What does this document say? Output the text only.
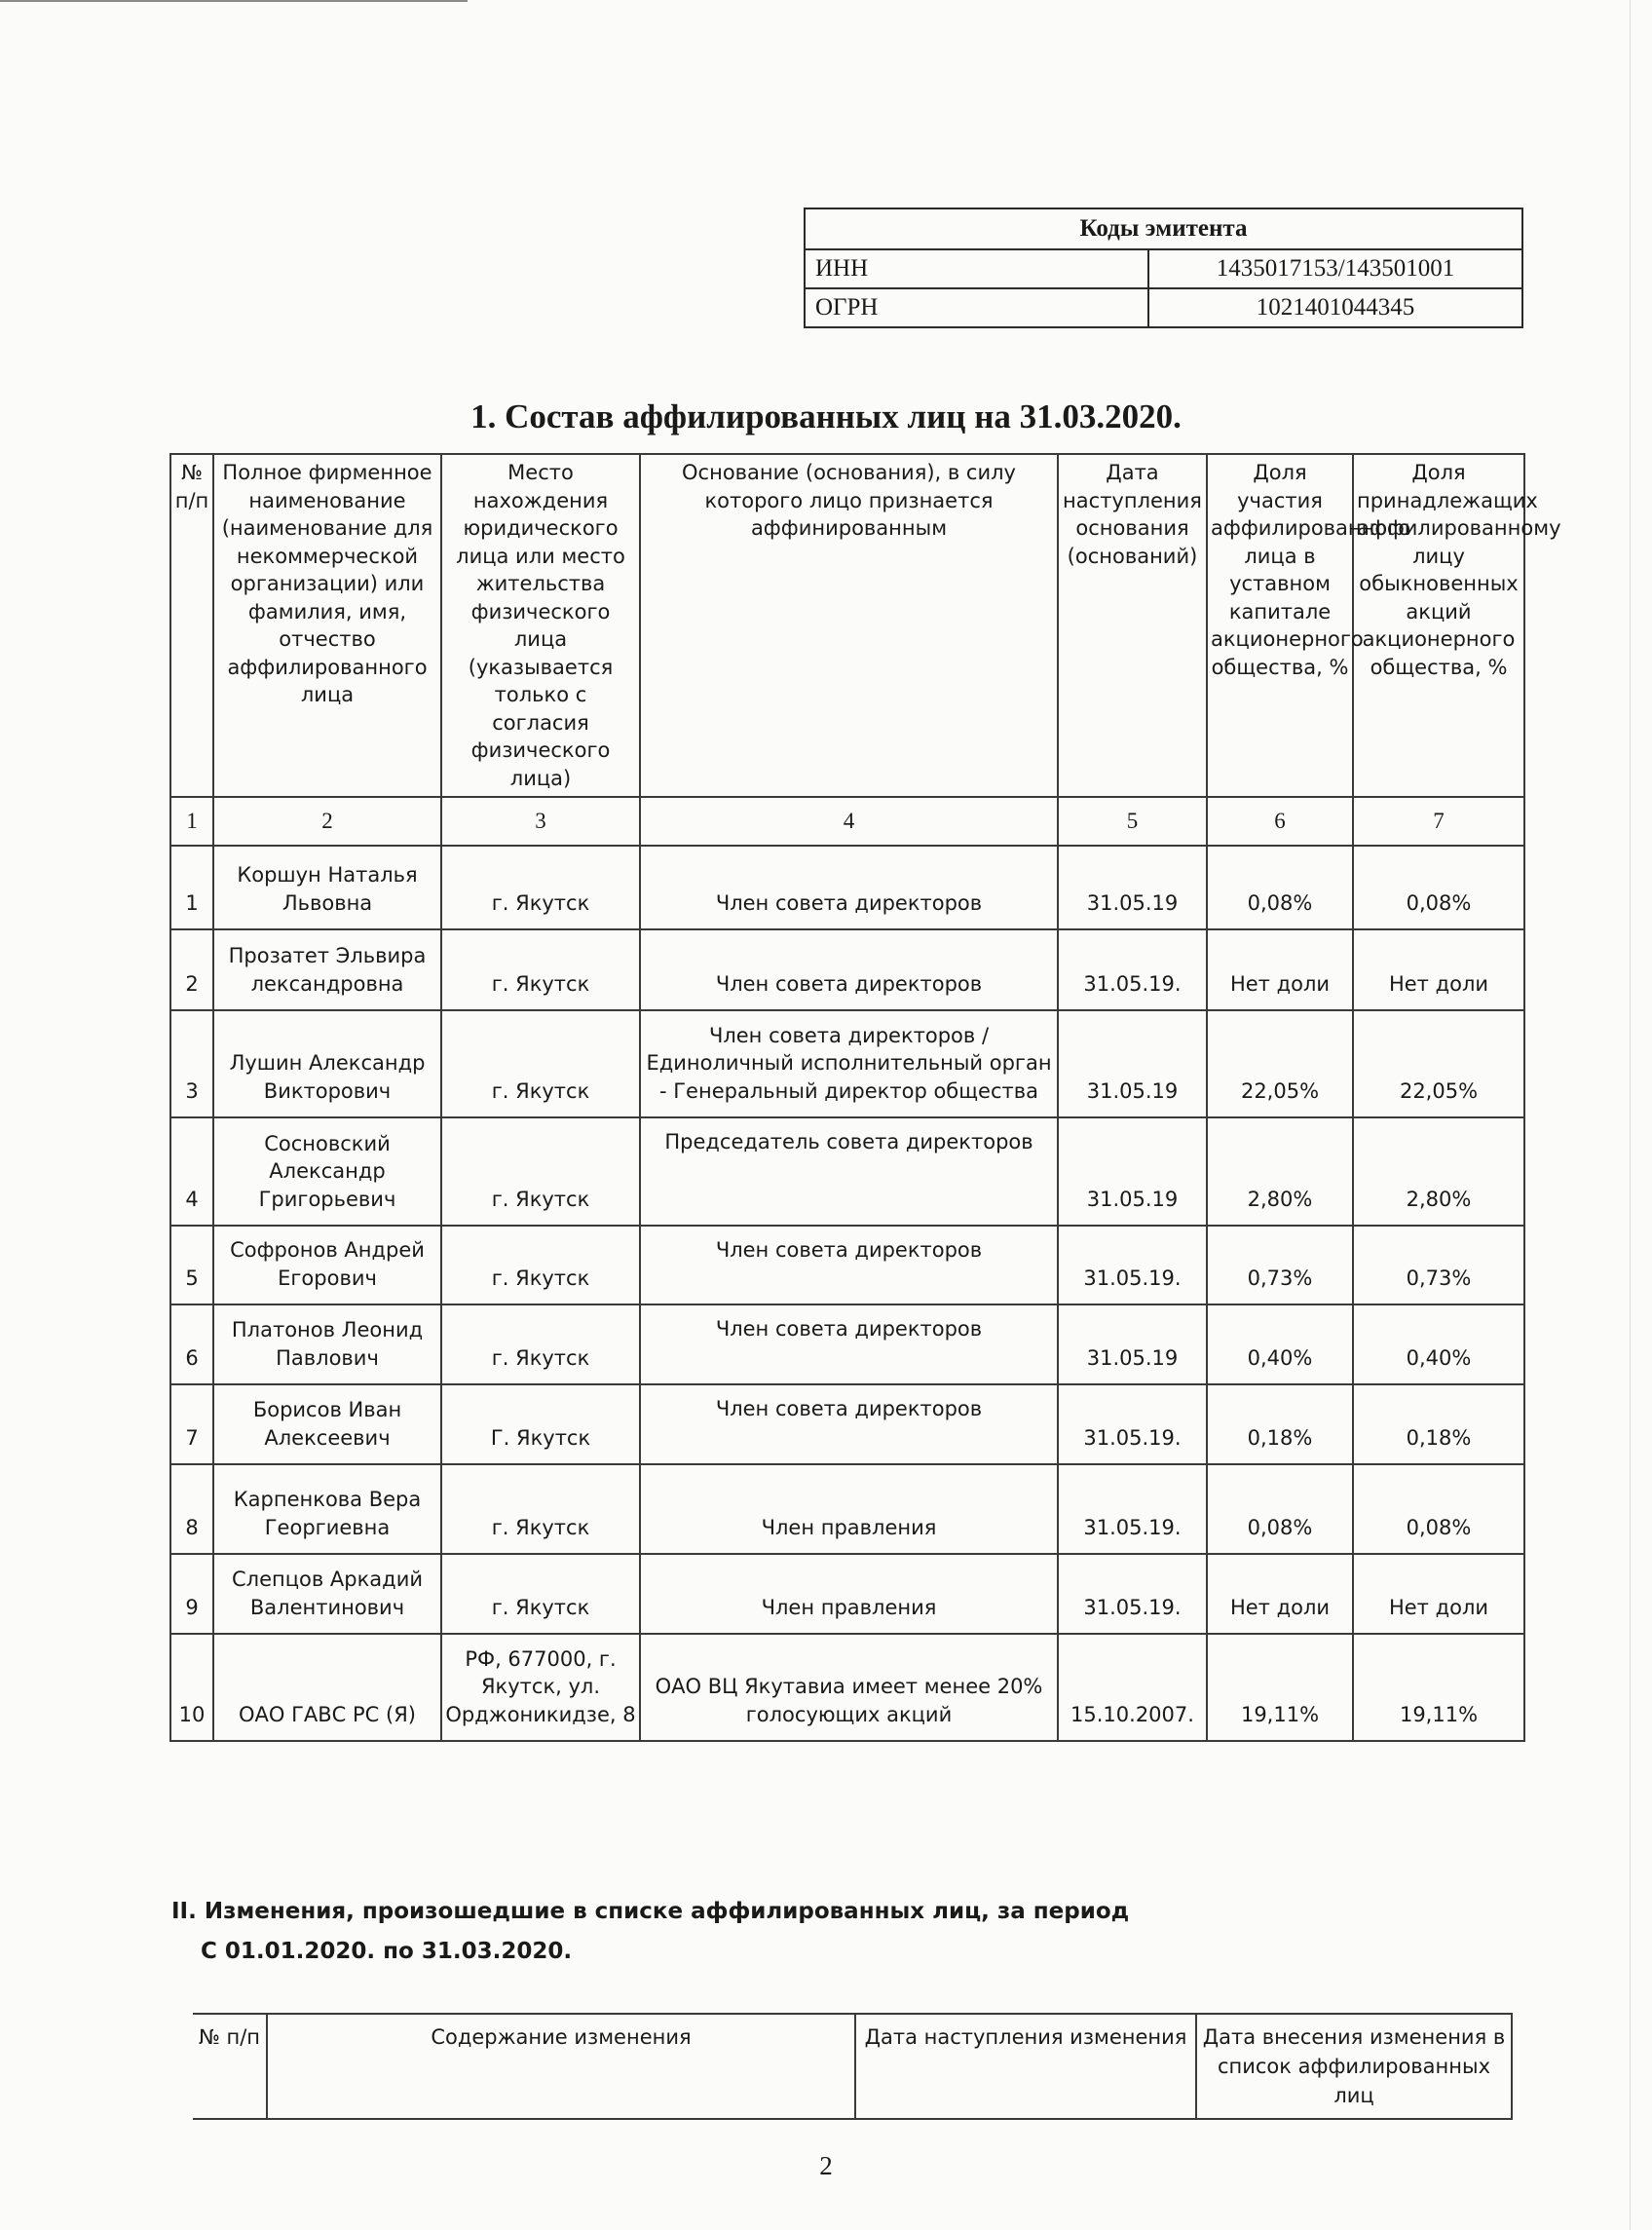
Коды эмитента	
ИНН	1435017153/143501001
ОГРН	1021401044345
1. Состав аффилированных лиц на 31.03.2020.
№ п/п	Полное фирменное наименование (наименование для некоммерческой организации) или фамилия, имя, отчество аффилированного лица	Место нахождения юридического лица или место жительства физического лица (указывается только с согласия физического лица)	Основание (основания), в силу которого лицо признается аффинированным	Дата наступления основания (оснований)	Доля участия аффилированного лица в уставном капитале акционерного общества, %	Доля принадлежащих аффилированному лицу обыкновенных акций акционерного общества, %
1	2	3	4	5	6	7
1	Коршун Наталья Львовна	г. Якутск	Член совета директоров	31.05.19	0,08%	0,08%
2	Прозатет Эльвира лександровна	г. Якутск	Член совета директоров	31.05.19.	Нет доли	Нет доли
3	Лушин Александр Викторович	г. Якутск	Член совета директоров / Единоличный исполнительный орган - Генеральный директор общества	31.05.19	22,05%	22,05%
4	Сосновский Александр Григорьевич	г. Якутск	Председатель совета директоров	31.05.19	2,80%	2,80%
5	Софронов Андрей Егорович	г. Якутск	Член совета директоров	31.05.19.	0,73%	0,73%
6	Платонов Леонид Павлович	г. Якутск	Член совета директоров	31.05.19	0,40%	0,40%
7	Борисов Иван Алексеевич	Г. Якутск	Член совета директоров	31.05.19.	0,18%	0,18%
8	Карпенкова Вера Георгиевна	г. Якутск	Член правления	31.05.19.	0,08%	0,08%
9	Слепцов Аркадий Валентинович	г. Якутск	Член правления	31.05.19.	Нет доли	Нет доли
10	ОАО ГАВС РС (Я)	РФ, 677000, г. Якутск, ул. Орджоникидзе, 8	ОАО ВЦ Якутавиа имеет менее 20% голосующих акций	15.10.2007.	19,11%	19,11%
II. Изменения, произошедшие в списке аффилированных лиц, за период
С 01.01.2020. по 31.03.2020.
№ п/п	Содержание изменения	Дата наступления изменения	Дата внесения изменения в список аффилированных лиц
2
